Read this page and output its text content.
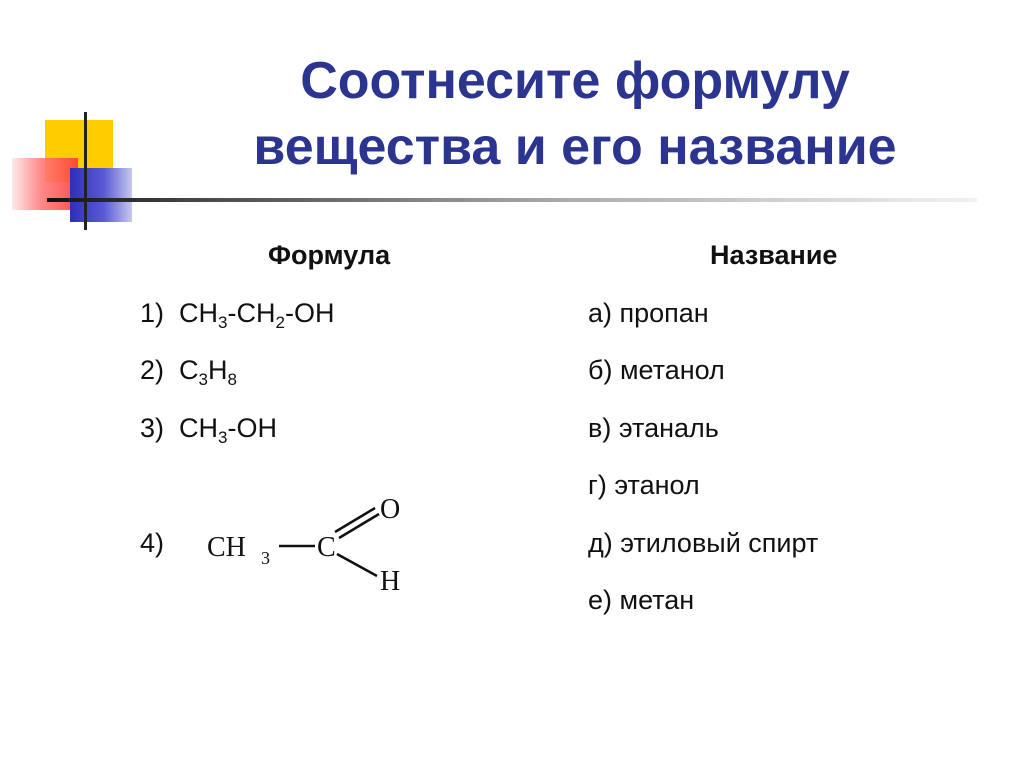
Соотнесите формулу
вещества и его название
Формула
1) $CH_3-CH_2-OH$
2) $C_3H_8$
3) $CH_3-OH$
4) CH 3 C
O
H
Название
а) пропан
б) метанол
в) этаналь
г) этанол
д) этиловый спирт
е) метан
